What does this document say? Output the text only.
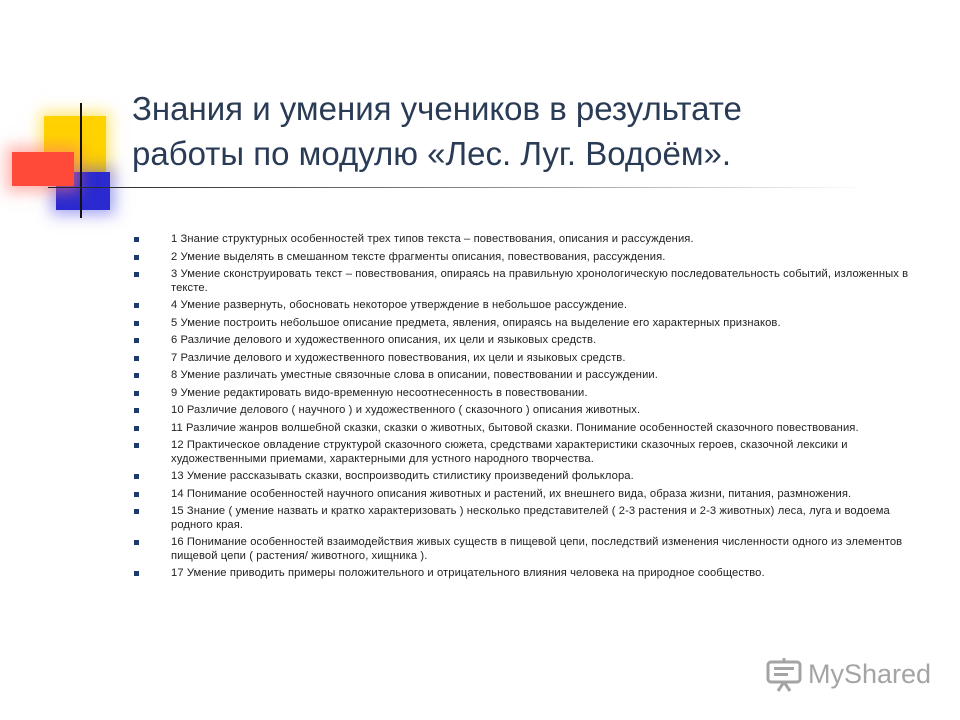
Знания и умения учеников в результате
работы по модулю «Лес. Луг. Водоём».
1 Знание структурных особенностей трех типов текста – повествования, описания и рассуждения.
2 Умение выделять в смешанном тексте фрагменты описания, повествования, рассуждения.
3 Умение сконструировать текст – повествования, опираясь на правильную хронологическую последовательность событий, изложенных в тексте.
4 Умение развернуть, обосновать некоторое утверждение в небольшое рассуждение.
5 Умение построить небольшое описание предмета, явления, опираясь на выделение его характерных признаков.
6 Различие делового и художественного описания, их цели и языковых средств.
7 Различие делового и художественного повествования, их цели и языковых средств.
8 Умение различать уместные связочные слова в описании, повествовании и рассуждении.
9 Умение редактировать видо-временную несоотнесенность в повествовании.
10 Различие делового ( научного ) и художественного ( сказочного ) описания животных.
11 Различие жанров волшебной сказки, сказки о животных, бытовой сказки. Понимание особенностей сказочного повествования.
12 Практическое овладение структурой сказочного сюжета, средствами характеристики сказочных героев, сказочной лексики и художественными приемами, характерными для устного народного творчества.
13 Умение рассказывать сказки, воспроизводить стилистику произведений фольклора.
14 Понимание особенностей научного описания животных и растений, их внешнего вида, образа жизни, питания, размножения.
15 Знание ( умение назвать и кратко характеризовать ) несколько представителей ( 2-3 растения и 2-3 животных) леса, луга и водоема родного края.
16 Понимание особенностей взаимодействия живых существ в пищевой цепи, последствий изменения численности одного из элементов пищевой цепи ( растения/ животного, хищника ).
17 Умение приводить примеры положительного и отрицательного влияния человека на природное сообщество.
MyShared
